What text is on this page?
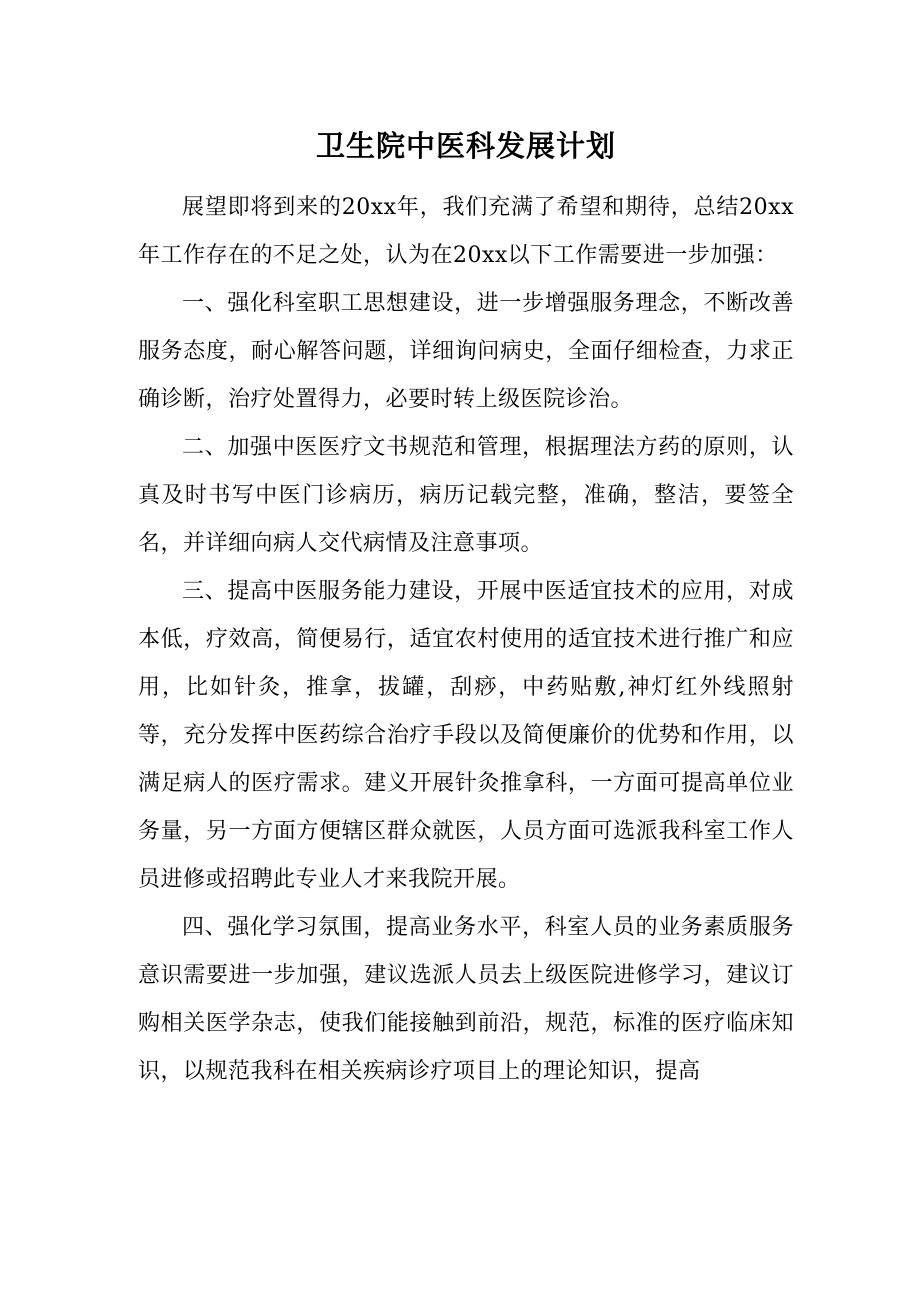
卫生院中医科发展计划

展望即将到来的20xx年，我们充满了希望和期待，总结20xx年工作存在的不足之处，认为在20xx以下工作需要进一步加强：

一、强化科室职工思想建设，进一步增强服务理念，不断改善服务态度，耐心解答问题，详细询问病史，全面仔细检查，力求正确诊断，治疗处置得力，必要时转上级医院诊治。

二、加强中医医疗文书规范和管理，根据理法方药的原则，认真及时书写中医门诊病历，病历记载完整，准确，整洁，要签全名，并详细向病人交代病情及注意事项。

三、提高中医服务能力建设，开展中医适宜技术的应用，对成本低，疗效高，简便易行，适宜农村使用的适宜技术进行推广和应用，比如针灸，推拿，拔罐，刮痧，中药贴敷,神灯红外线照射等，充分发挥中医药综合治疗手段以及简便廉价的优势和作用，以满足病人的医疗需求。建义开展针灸推拿科，一方面可提高单位业务量，另一方面方便辖区群众就医，人员方面可选派我科室工作人员进修或招聘此专业人才来我院开展。

四、强化学习氛围，提高业务水平，科室人员的业务素质服务意识需要进一步加强，建议选派人员去上级医院进修学习，建议订购相关医学杂志，使我们能接触到前沿，规范，标准的医疗临床知识，以规范我科在相关疾病诊疗项目上的理论知识，提高
